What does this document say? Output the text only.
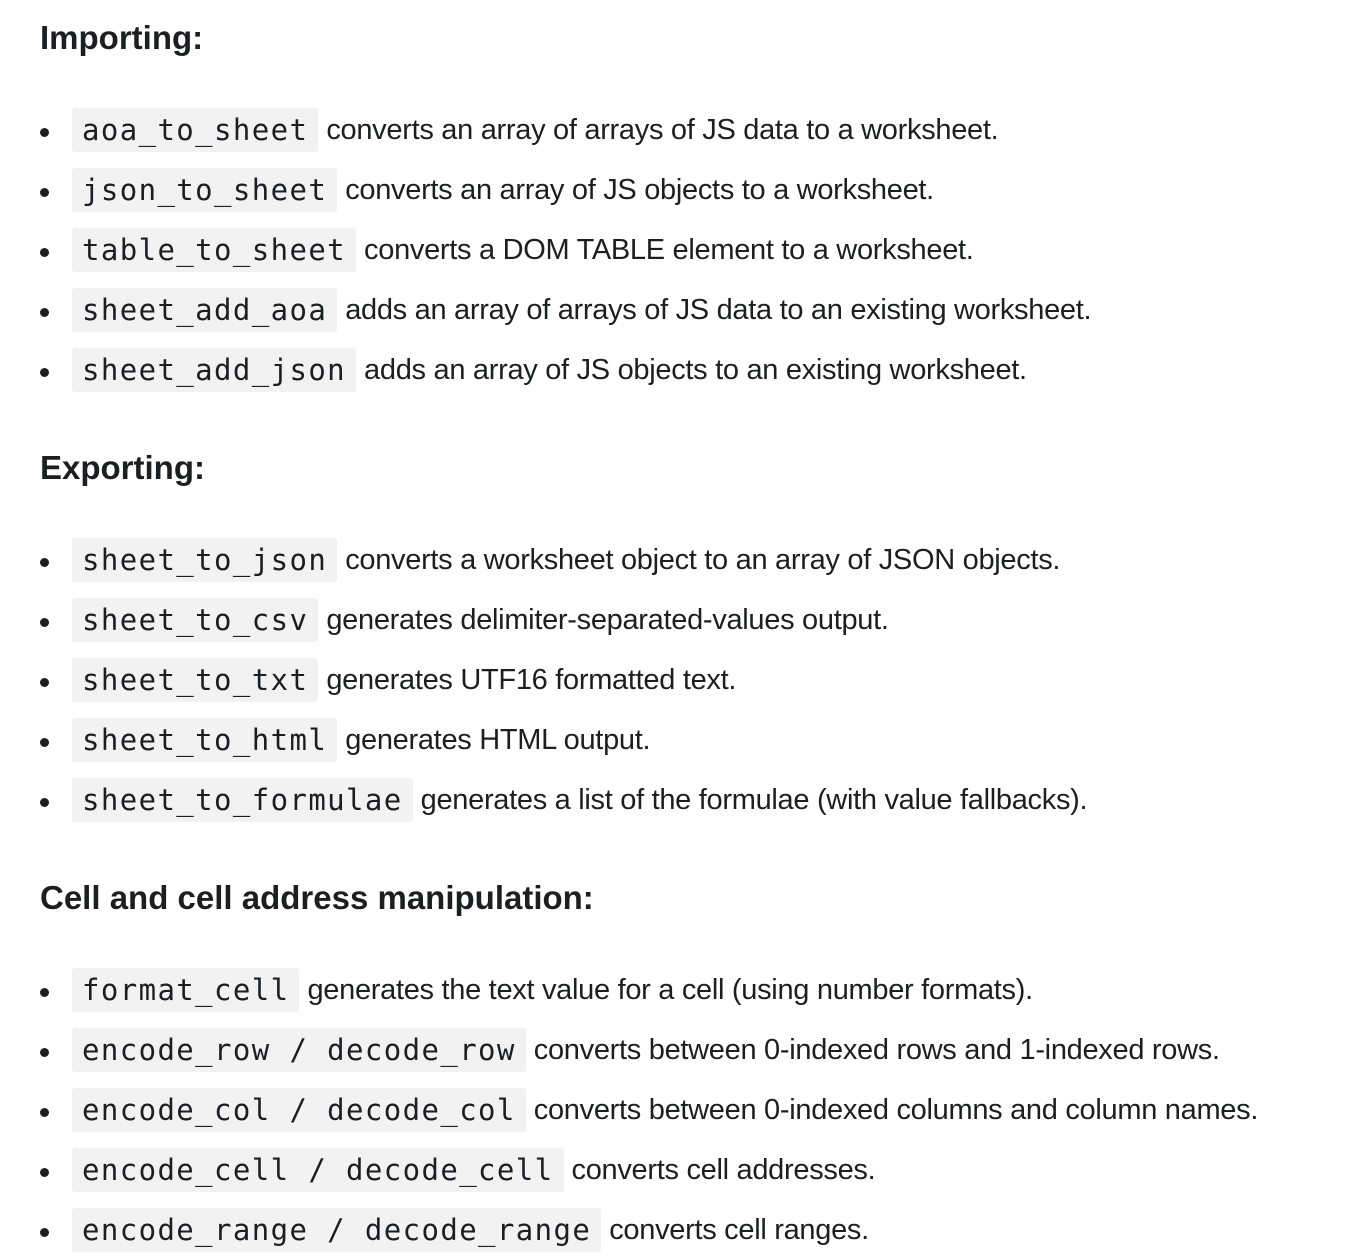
Importing:
aoa_to_sheet converts an array of arrays of JS data to a worksheet.
json_to_sheet converts an array of JS objects to a worksheet.
table_to_sheet converts a DOM TABLE element to a worksheet.
sheet_add_aoa adds an array of arrays of JS data to an existing worksheet.
sheet_add_json adds an array of JS objects to an existing worksheet.
Exporting:
sheet_to_json converts a worksheet object to an array of JSON objects.
sheet_to_csv generates delimiter-separated-values output.
sheet_to_txt generates UTF16 formatted text.
sheet_to_html generates HTML output.
sheet_to_formulae generates a list of the formulae (with value fallbacks).
Cell and cell address manipulation:
format_cell generates the text value for a cell (using number formats).
encode_row / decode_row converts between 0-indexed rows and 1-indexed rows.
encode_col / decode_col converts between 0-indexed columns and column names.
encode_cell / decode_cell converts cell addresses.
encode_range / decode_range converts cell ranges.
